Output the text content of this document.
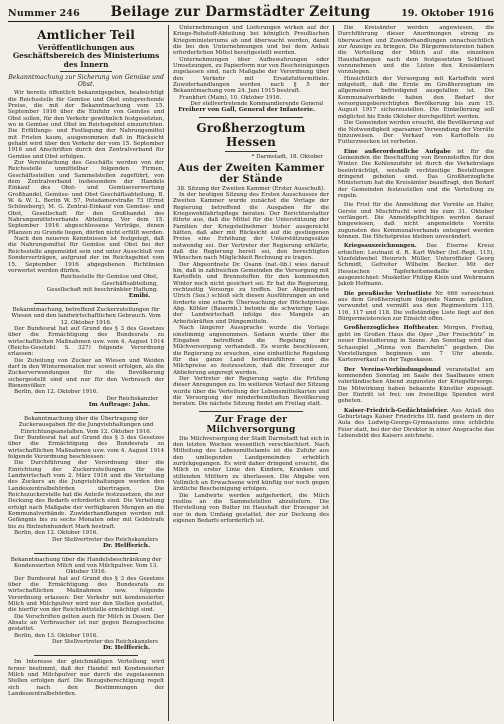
Nummer 246 Beilage zur Darmstädter Zeitung	19. Oktober 1916
Amtlicher Teil
Veröffentlichungen aus Geschäftsbereich des Ministeriums des Innern
Bekanntmachung zur Sicherung von Gemüse und Obst.

Wir bereits öffentlich bekanntgegeben, beabsichtigt die Reichsstelle für Gemüse und Obst entsprechende Preise, die mit der Bekanntmachung vom 15. September 1916 über die Einfuhr von Gemüse und Obst sollen, für den Verkehr gewöhnlich festgesetzten, wo in Gemüse und Obst im Reichsgebiet einzurichten. Die Erfüllungs- und Festlegung der Nahrungsmittel mit Fristen kaum, ausgenommen daß in Rücksicht gehabt wird über den Verkehr der vom 15. September 1916 und Anschriften durch den Zentralverband für Gemüse und Obst erfolgen.

Zur Vereinfachung des Geschäfts werden von der Reichsstelle unmittelbar folgenden Firmen, Geschäftsstellen und Sammelstellen zugeführt, von dem Zentralverband insbesondere der Handels Einkauf des Obst- und Gemüseverwertung Großhandel, Gemüse- und Obst Geschäftsabteilung, B. W. & W. L. Berlin W. 57, Potsdamerstraße 73 (Ernst Schöneberg), M. G. Zentral-Einkauf von Gemüse- und Obst, Gesellschaft für den Großhandel des Nahrungsmittelverbands Abteilung. Vor dem 15. September 1916 abgeschlossene Verträge, denen Pflanzen zu Grunde liegen, dürfen nicht erfüllt werden.

Nach den neueren Kenntnissen ist festgelegt, daß die Nahrungsmittel für Gemüse und Obst bei der Reichsstelle angemeldet sein und unter Ausschluß von Sonderverträgen, aufgrund der im Reichsgebiet vom 15. September 1916 abgegebenen Richtlinien verwertet werden dürfen.

Reichsstelle für Gemüse und Obst, Geschäftsabteilung,

Gesellschaft mit beschränkter Haftung.

Emibi.

Bekanntmachung, betreffend Zuckerzuteilungen für Wiesen und den landwirtschaftlichen Gebrauch. Vom 12. Oktober 1916.

Der Bundesrat hat auf Grund des § 3 des Gesetzes über die Ermächtigung des Bundesrats zu wirtschaftlichen Maßnahmen usw. vom 4. August 1914 (Reichs-Gesetzbl. S. 327) folgende Verordnung erlassen:

Die Zuteilung von Zucker an Wiesen und Weiden darf in den Wintermonaten nur soweit erfolgen, als die Zuckerverwendungen für die Bevölkerung sichergestellt sind und nur für den Verbrauch der Bienenvölker.

Berlin, den 12. Oktober 1916.

Der Reichskanzler

Im Auftrage: Jahn.

Bekanntmachung über die Übertragung der Zuckerausgaben für die Jungviehhaltungen und Einrichtungsanstalten. Vom 12. Oktober 1916.

Der Bundesrat hat auf Grund des § 3 des Gesetzes über die Ermächtigung des Bundesrats zu wirtschaftlichen Maßnahmen usw. vom 4. August 1914 folgende Verordnung beschlossen:

Die Durchführung der Verordnung über die Einrichtung der Zuckerzuteilungen für die Landwirtschaft vom 2. März 1916 und die Verteilung des Zuckers an die Jungviehhaltungen werden den Landeszentralbehörden übertragen. Die Reichszuckerstelle hat die Anteile festzusetzen, die zur Deckung des Bedarfs erforderlich sind. Die Verteilung erfolgt nach Maßgabe der verfügbaren Mengen an die Kommunalverbände. Zuwiderhandlungen werden mit Gefängnis bis zu sechs Monaten oder mit Geldstrafe bis zu fünfzehnhundert Mark bestraft.

Berlin, den 12. Oktober 1916.

Der Stellvertreter des Reichskanzlers

Dr. Helfferich.

Bekanntmachung über die Handelsbeschränkung der Kondensierten Milch und von Milchpulver. Vom 13. Oktober 1916.

Der Bundesrat hat auf Grund des § 3 des Gesetzes über die Ermächtigung des Bundesrats zu wirtschaftlichen Maßnahmen usw. folgende Verordnung erlassen: Der Verkehr mit kondensierter Milch und Milchpulver wird nur den Stellen gestattet, die hierfür von der Reichsfettstelle ermächtigt sind.

Die Vorschriften gelten auch für Milch in Dosen. Der Absatz an Verbraucher ist nur gegen Bezugsscheine gestattet.

Berlin, den 13. Oktober 1916.

Der Stellvertreter des Reichskanzlers

Dr. Helfferich.

Im Interesse der gleichmäßigen Verteilung wird ferner bestimmt, daß der Handel mit Kondensierter Milch und Milchpulver nur durch die zugelassenen Stellen erfolgen darf. Die Bezugsberechtigung regelt sich nach den Bestimmungen der Landeszentralbehörden.

Unternehmungen und Lieferungen wirken auf der Kriegs-Rohstoff-Abteilung bei königlich Preußischen Kriegsministeriums ab und überwacht werden, damit die bei den Unternehmungen und bei dem Anbau erforderlichen Mittel bereitgestellt werden.

Unternehmungen über Aufbewahrungen oder Umsetzungen, zu Papierform nur von Bescheinigungen zugelassen sind, nach Maßgabe der Verordnung über den Verkehr mit Ersatzfuttermitteln. Zuwiderhandlungen werden nach § 5 der Bekanntmachung vom 24. Juni 1915 bestraft.

Frankfurt (Main), 10. Oktober 1916.

Der stellvertretende Kommandierende General

Freiherr von Gall, General der Infanterie.

Großherzogtum Hessen

* Darmstadt, 18. Oktober

Aus der Zweiten Kammer der Stände

38. Sitzung der Zweiten Kammer (Erster Ausschuß).

In der heutigen Sitzung des Ersten Ausschusses der Zweiten Kammer wurde zunächst die Vorlage der Regierung betreffend die Ausgaben für die Kriegswohlfahrtspflege beraten. Der Berichterstatter führte aus, daß die Mittel für die Unterstützung der Familien der Kriegsteilnehmer bisher ausgereicht hätten, daß aber mit Rücksicht auf die gestiegenen Preise eine Erhöhung der Unterstützungssätze notwendig sei. Der Vertreter der Regierung erklärte, daß die Regierung bereit sei, den berechtigten Wünschen nach Möglichkeit Rechnung zu tragen.

Der Abgeordnete Dr. Osann (nat.-lib.) wies darauf hin, daß in zahlreichen Gemeinden die Versorgung mit Kartoffeln und Brennstoffen für den kommenden Winter noch nicht gesichert sei. Er bat die Regierung, rechtzeitig Vorsorge zu treffen. Der Abgeordnete Ulrich (Soz.) schloß sich diesen Ausführungen an und forderte eine scharfe Überwachung der Höchstpreise. Abg. Köhler (Bauernb.) betonte die schwierige Lage der Landwirtschaft infolge des Mangels an Arbeitskräften und Düngemitteln.

Nach längerer Aussprache wurde die Vorlage einstimmig angenommen. Sodann wurde über die Eingaben betreffend die Regelung der Milchversorgung verhandelt. Es wurde beschlossen, die Regierung zu ersuchen, eine einheitliche Regelung für das ganze Land herbeizuführen und die Milchpreise so festzusetzen, daß die Erzeuger zur Ablieferung angeregt werden.

Der Vertreter der Regierung sagte die Prüfung dieser Anregungen zu. Im weiteren Verlauf der Sitzung wurde über die Verteilung der Lebensmittelkarten und die Versorgung der minderbemittelten Bevölkerung beraten. Die nächste Sitzung findet am Freitag statt.

Zur Frage der Milchversorgung

Die Milchversorgung der Stadt Darmstadt hat sich in den letzten Wochen wesentlich verschlechtert. Nach Mitteilung des Lebensmittelamts ist die Zufuhr aus den umliegenden Landgemeinden erheblich zurückgegangen. Es wird daher dringend ersucht, die Milch in erster Linie den Kindern, Kranken und stillenden Müttern zu überlassen. Die Abgabe von Vollmilch an Erwachsene wird künftig nur noch gegen ärztliche Bescheinigung erfolgen.

Die Landwirte werden aufgefordert, die Milch restlos an die Sammelstellen abzuliefern. Die Herstellung von Butter im Haushalt der Erzeuger ist nur in dem Umfang gestattet, der zur Deckung des eigenen Bedarfs erforderlich ist.

Die Kreisämter werden angewiesen, die Durchführung dieser Anordnungen streng zu überwachen und Zuwiderhandlungen unnachsichtlich zur Anzeige zu bringen. Die Bürgermeistereien haben die Verteilung der Milch auf die einzelnen Haushaltungen nach dem festgesetzten Schlüssel vorzunehmen und die Listen den Kreisämtern vorzulegen.

Hinsichtlich der Versorgung mit Kartoffeln wird mitgeteilt, daß die Ernte im Großherzogtum im allgemeinen befriedigend ausgefallen ist. Die Kommunalverbände haben den Bedarf der versorgungsberechtigten Bevölkerung bis zum 15. August 1917 sicherzustellen. Die Einkellerung soll möglichst bis Ende Oktober durchgeführt werden.

Die Gemeinden werden ersucht, die Bevölkerung auf die Notwendigkeit sparsamer Verwendung der Vorräte hinzuweisen. Der Verkauf von Kartoffeln zu Futterzwecken ist verboten.

Eine außerordentliche Aufgabe ist für die Gemeinden die Beschaffung von Brennstoffen für den Winter. Die Kohlenzufuhr ist durch die Verkehrslage beeinträchtigt, weshalb rechtzeitige Bestellungen dringend geboten sind. Das Großherzogliche Ministerium hat die Kreisämter beauftragt, den Bedarf der Gemeinden festzustellen und die Verteilung zu regeln.

Die Frist für die Anmeldung der Vorräte an Hafer, Gerste und Mischfrucht wird bis zum 31. Oktober verlängert. Die Anmeldepflichtigen werden darauf hingewiesen, daß nicht angemeldete Vorräte zugunsten des Kommunalverbands enteignet werden können. Die Höchstpreise bleiben unverändert.

Kriegsauszeichnungen. Das Eiserne Kreuz erhielten: Leutnant d. R. Karl Weber (Inf.-Regt. 115), Vizefeldwebel Heinrich Müller, Unteroffizier Georg Schmidt, Gefreiter Wilhelm Becker. Mit der Hessischen Tapferkeitsmedaille wurden ausgezeichnet: Musketier Philipp Klein und Wehrmann Jakob Hofmann.

Die preußische Verlustliste Nr. 666 verzeichnet aus dem Großherzogtum folgende Namen: gefallen, verwundet und vermißt aus den Regimentern 115, 116, 117 und 118. Die vollständige Liste liegt auf den Bürgermeistereien zur Einsicht offen.

Großherzogliches Hoftheater. Morgen, Freitag, geht im Großen Haus die Oper „Der Freischütz“ in neuer Einstudierung in Szene. Am Sonntag wird das Schauspiel „Minna von Barnhelm“ gegeben. Die Vorstellungen beginnen um 7 Uhr abends. Kartenverkauf an der Tageskasse.

Der Vereins-Verbindungsbund veranstaltet am kommenden Sonntag im Saale des Saalbaues einen vaterländischen Abend zugunsten der Kriegsfürsorge. Die Mitwirkung haben bekannte Künstler zugesagt. Der Eintritt ist frei; um freiwillige Spenden wird gebeten.

Kaiser-Friedrich-Gedächtnisfeier. Aus Anlaß des Geburtstags Kaiser Friedrichs III. fand gestern in der Aula des Ludwig-Georgs-Gymnasiums eine schlichte Feier statt, bei der der Direktor in einer Ansprache das Lebensbild des Kaisers zeichnete.
